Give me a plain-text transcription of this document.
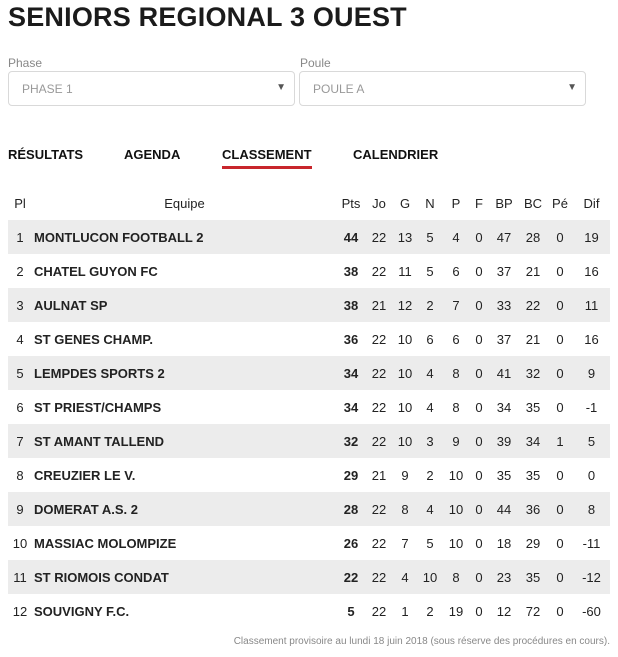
SENIORS REGIONAL 3 OUEST
Phase
PHASE 1	▼
Poule
POULE A	▼
RÉSULTATS	AGENDA	CLASSEMENT	CALENDRIER
Pl	Equipe	Pts	Jo	G	N	P	F	BP	BC	Pé	Dif
1	MONTLUCON FOOTBALL 2	44	22	13	5	4	0	47	28	0	19
2	CHATEL GUYON FC	38	22	11	5	6	0	37	21	0	16
3	AULNAT SP	38	21	12	2	7	0	33	22	0	11
4	ST GENES CHAMP.	36	22	10	6	6	0	37	21	0	16
5	LEMPDES SPORTS 2	34	22	10	4	8	0	41	32	0	9
6	ST PRIEST/CHAMPS	34	22	10	4	8	0	34	35	0	-1
7	ST AMANT TALLEND	32	22	10	3	9	0	39	34	1	5
8	CREUZIER LE V.	29	21	9	2	10	0	35	35	0	0
9	DOMERAT A.S. 2	28	22	8	4	10	0	44	36	0	8
10	MASSIAC MOLOMPIZE	26	22	7	5	10	0	18	29	0	-11
11	ST RIOMOIS CONDAT	22	22	4	10	8	0	23	35	0	-12
12	SOUVIGNY F.C.	5	22	1	2	19	0	12	72	0	-60
Classement provisoire au lundi 18 juin 2018 (sous réserve des procédures en cours).
